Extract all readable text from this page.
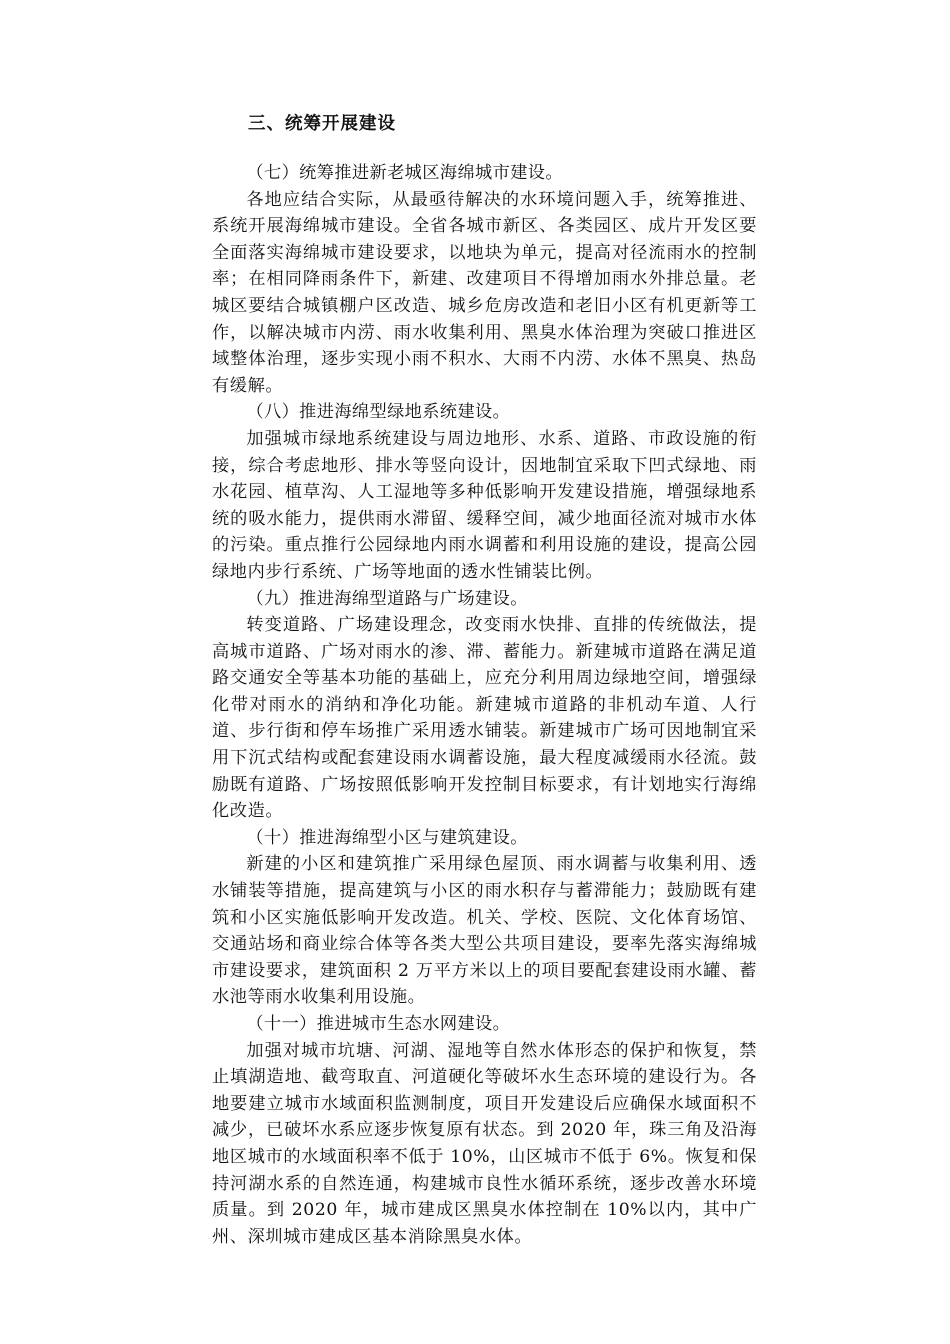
三、统筹开展建设

（七）统筹推进新老城区海绵城市建设。

各地应结合实际，从最亟待解决的水环境问题入手，统筹推进、系统开展海绵城市建设。全省各城市新区、各类园区、成片开发区要全面落实海绵城市建设要求，以地块为单元，提高对径流雨水的控制率；在相同降雨条件下，新建、改建项目不得增加雨水外排总量。老城区要结合城镇棚户区改造、城乡危房改造和老旧小区有机更新等工作，以解决城市内涝、雨水收集利用、黑臭水体治理为突破口推进区域整体治理，逐步实现小雨不积水、大雨不内涝、水体不黑臭、热岛有缓解。

（八）推进海绵型绿地系统建设。

加强城市绿地系统建设与周边地形、水系、道路、市政设施的衔接，综合考虑地形、排水等竖向设计，因地制宜采取下凹式绿地、雨水花园、植草沟、人工湿地等多种低影响开发建设措施，增强绿地系统的吸水能力，提供雨水滞留、缓释空间，减少地面径流对城市水体的污染。重点推行公园绿地内雨水调蓄和利用设施的建设，提高公园绿地内步行系统、广场等地面的透水性铺装比例。

（九）推进海绵型道路与广场建设。

转变道路、广场建设理念，改变雨水快排、直排的传统做法，提高城市道路、广场对雨水的渗、滞、蓄能力。新建城市道路在满足道路交通安全等基本功能的基础上，应充分利用周边绿地空间，增强绿化带对雨水的消纳和净化功能。新建城市道路的非机动车道、人行道、步行街和停车场推广采用透水铺装。新建城市广场可因地制宜采用下沉式结构或配套建设雨水调蓄设施，最大程度减缓雨水径流。鼓励既有道路、广场按照低影响开发控制目标要求，有计划地实行海绵化改造。

（十）推进海绵型小区与建筑建设。

新建的小区和建筑推广采用绿色屋顶、雨水调蓄与收集利用、透水铺装等措施，提高建筑与小区的雨水积存与蓄滞能力；鼓励既有建筑和小区实施低影响开发改造。机关、学校、医院、文化体育场馆、交通站场和商业综合体等各类大型公共项目建设，要率先落实海绵城市建设要求，建筑面积 2 万平方米以上的项目要配套建设雨水罐、蓄水池等雨水收集利用设施。

（十一）推进城市生态水网建设。

加强对城市坑塘、河湖、湿地等自然水体形态的保护和恢复，禁止填湖造地、截弯取直、河道硬化等破坏水生态环境的建设行为。各地要建立城市水域面积监测制度，项目开发建设后应确保水域面积不减少，已破坏水系应逐步恢复原有状态。到 2020 年，珠三角及沿海地区城市的水域面积率不低于 10%，山区城市不低于 6%。恢复和保持河湖水系的自然连通，构建城市良性水循环系统，逐步改善水环境质量。到 2020 年，城市建成区黑臭水体控制在 10%以内，其中广州、深圳城市建成区基本消除黑臭水体。
